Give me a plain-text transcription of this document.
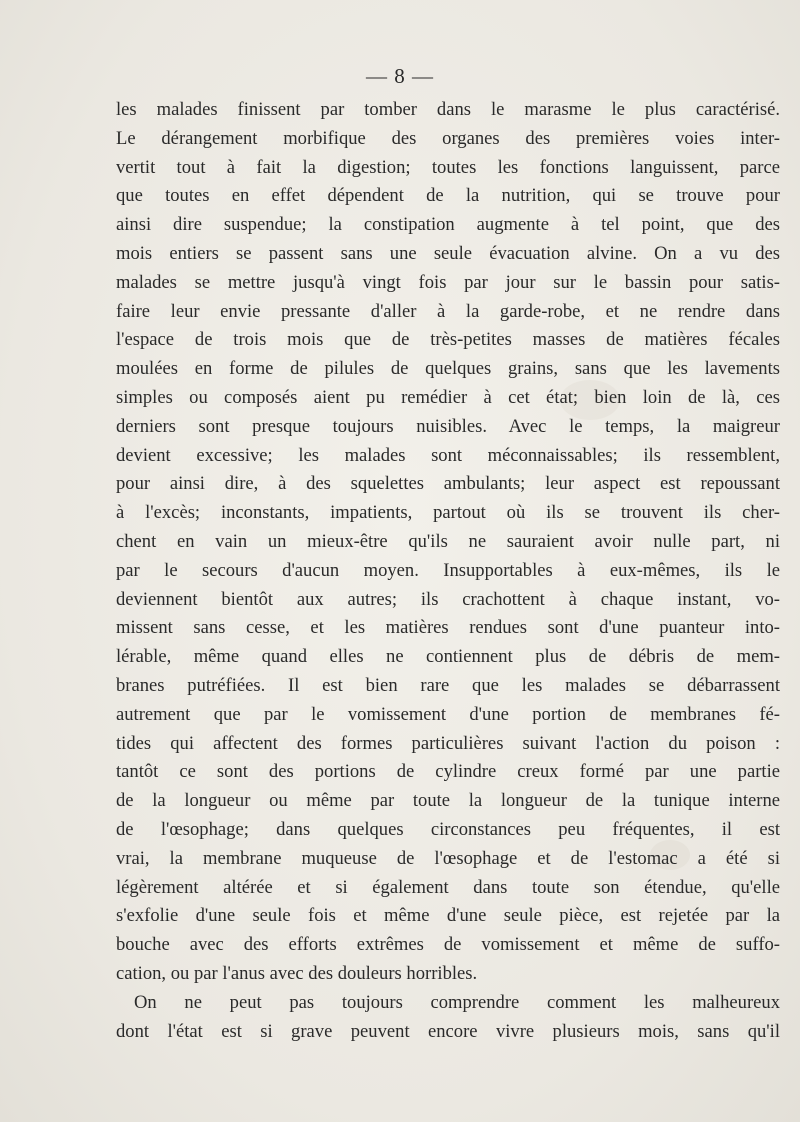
— 8 —
les malades finissent par tomber dans le marasme le plus caractérisé.
Le dérangement morbifique des organes des premières voies inter-
vertit tout à fait la digestion; toutes les fonctions languissent, parce
que toutes en effet dépendent de la nutrition, qui se trouve pour
ainsi dire suspendue; la constipation augmente à tel point, que des
mois entiers se passent sans une seule évacuation alvine. On a vu des
malades se mettre jusqu'à vingt fois par jour sur le bassin pour satis-
faire leur envie pressante d'aller à la garde-robe, et ne rendre dans
l'espace de trois mois que de très-petites masses de matières fécales
moulées en forme de pilules de quelques grains, sans que les lavements
simples ou composés aient pu remédier à cet état; bien loin de là, ces
derniers sont presque toujours nuisibles. Avec le temps, la maigreur
devient excessive; les malades sont méconnaissables; ils ressemblent,
pour ainsi dire, à des squelettes ambulants; leur aspect est repoussant
à l'excès; inconstants, impatients, partout où ils se trouvent ils cher-
chent en vain un mieux-être qu'ils ne sauraient avoir nulle part, ni
par le secours d'aucun moyen. Insupportables à eux-mêmes, ils le
deviennent bientôt aux autres; ils crachottent à chaque instant, vo-
missent sans cesse, et les matières rendues sont d'une puanteur into-
lérable, même quand elles ne contiennent plus de débris de mem-
branes putréfiées. Il est bien rare que les malades se débarrassent
autrement que par le vomissement d'une portion de membranes fé-
tides qui affectent des formes particulières suivant l'action du poison :
tantôt ce sont des portions de cylindre creux formé par une partie
de la longueur ou même par toute la longueur de la tunique interne
de l'œsophage; dans quelques circonstances peu fréquentes, il est
vrai, la membrane muqueuse de l'œsophage et de l'estomac a été si
légèrement altérée et si également dans toute son étendue, qu'elle
s'exfolie d'une seule fois et même d'une seule pièce, est rejetée par la
bouche avec des efforts extrêmes de vomissement et même de suffo-
cation, ou par l'anus avec des douleurs horribles.
On ne peut pas toujours comprendre comment les malheureux
dont l'état est si grave peuvent encore vivre plusieurs mois, sans qu'il
